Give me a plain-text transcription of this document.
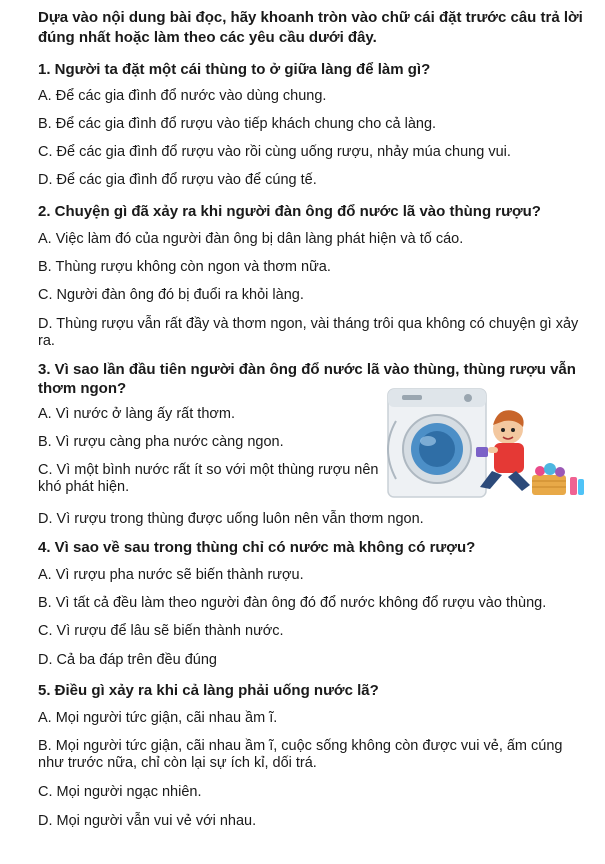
Dựa vào nội dung bài đọc, hãy khoanh tròn vào chữ cái đặt trước câu trả lời đúng nhất hoặc làm theo các yêu cầu dưới đây.
1. Người ta đặt một cái thùng to ở giữa làng để làm gì?
A. Để các gia đình đổ nước vào dùng chung.
B. Để các gia đình đổ rượu vào tiếp khách chung cho cả làng.
C. Để các gia đình đổ rượu vào rồi cùng uống rượu, nhảy múa chung vui.
D. Để các gia đình đổ rượu vào để cúng tế.
2. Chuyện gì đã xảy ra khi người đàn ông đổ nước lã vào thùng rượu?
A. Việc làm đó của người đàn ông bị dân làng phát hiện và tố cáo.
B. Thùng rượu không còn ngon và thơm nữa.
C. Người đàn ông đó bị đuổi ra khỏi làng.
D. Thùng rượu vẫn rất đầy và thơm ngon, vài tháng trôi qua không có chuyện gì xảy ra.
3. Vì sao lần đầu tiên người đàn ông đổ nước lã vào thùng, thùng rượu vẫn thơm ngon?
A. Vì nước ở làng ấy rất thơm.
B. Vì rượu càng pha nước càng ngon.
C. Vì một bình nước rất ít so với một thùng rượu nên khó phát hiện.
D. Vì rượu trong thùng được uống luôn nên vẫn thơm ngon.
4. Vì sao về sau trong thùng chỉ có nước mà không có rượu?
A. Vì rượu pha nước sẽ biến thành rượu.
B. Vì tất cả đều làm theo người đàn ông đó đổ nước không đổ rượu vào thùng.
C. Vì rượu để lâu sẽ biến thành nước.
D. Cả ba đáp trên đều đúng
5. Điều gì xảy ra khi cả làng phải uống nước lã?
A. Mọi người tức giận, cãi nhau ầm ĩ.
B. Mọi người tức giận, cãi nhau ầm ĩ, cuộc sống không còn được vui vẻ, ấm cúng như trước nữa, chỉ còn lại sự ích kỉ, dối trá.
C. Mọi người ngạc nhiên.
D. Mọi người vẫn vui vẻ với nhau.
